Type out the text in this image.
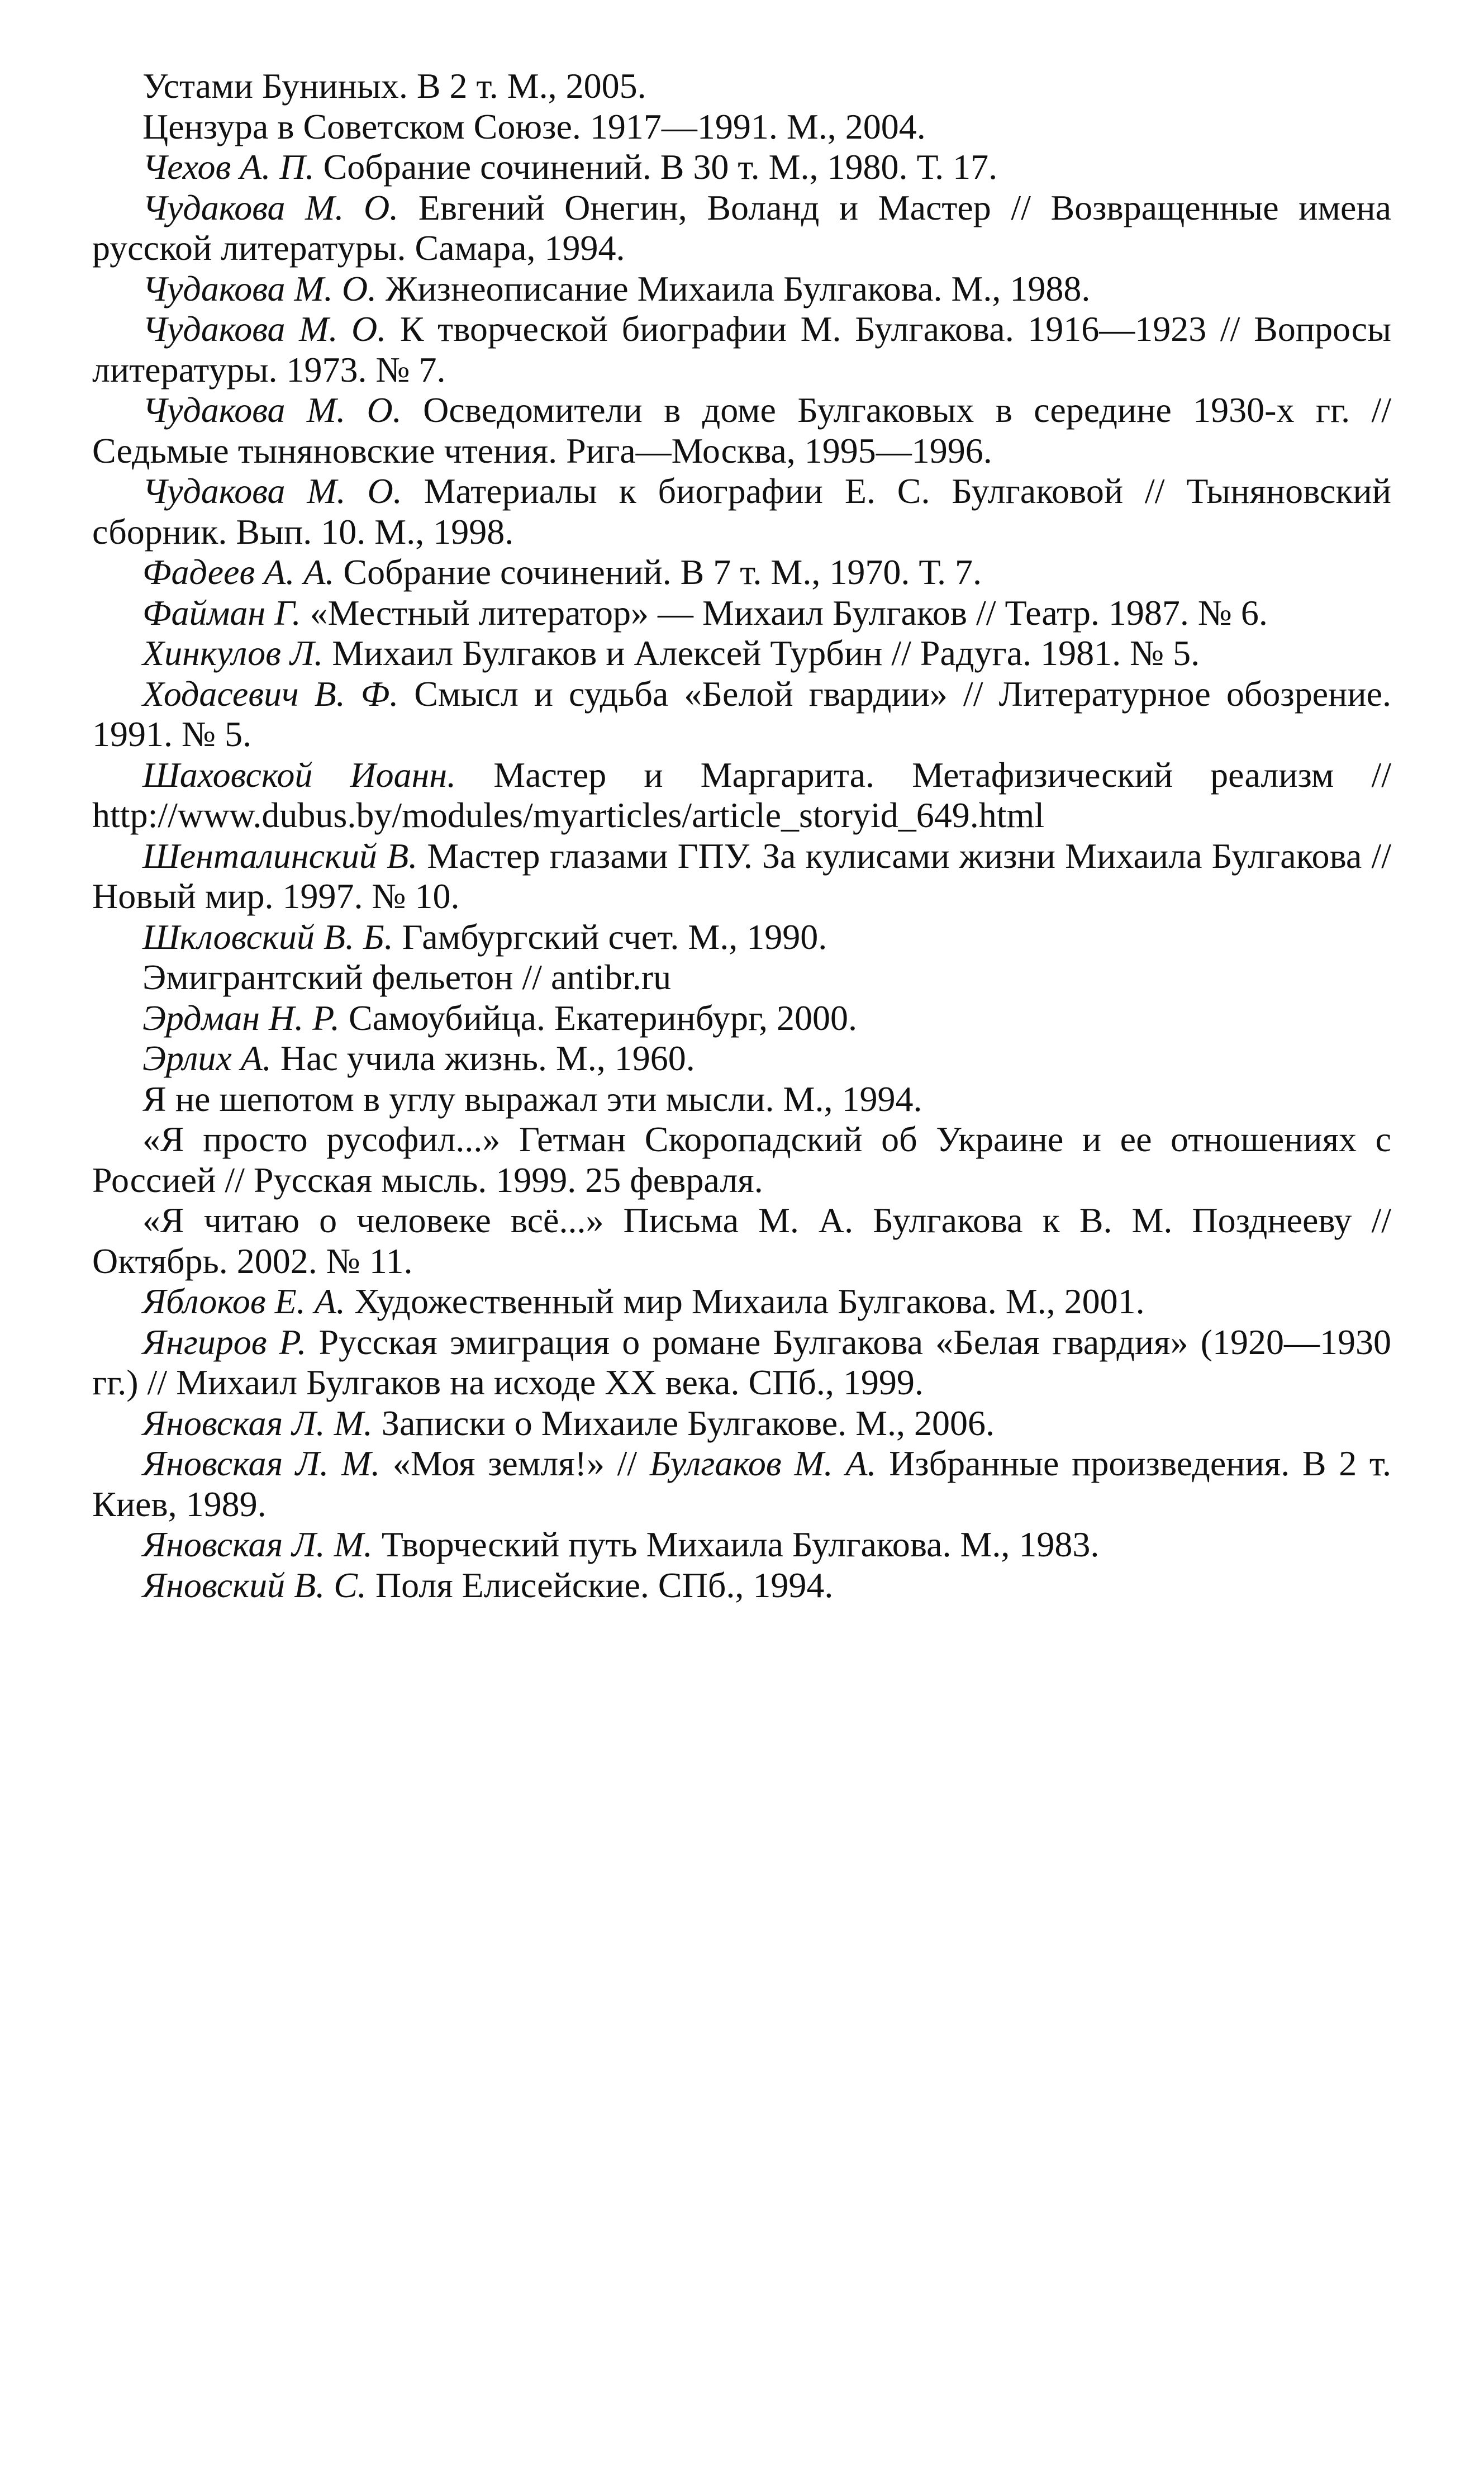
Устами Буниных. В 2 т. М., 2005.

Цензура в Советском Союзе. 1917—1991. М., 2004.

Чехов А. П. Собрание сочинений. В 30 т. М., 1980. Т. 17.

Чудакова М. О. Евгений Онегин, Воланд и Мастер // Возвращенные имена русской литературы. Самара, 1994.

Чудакова М. О. Жизнеописание Михаила Булгакова. М., 1988.

Чудакова М. О. К творческой биографии М. Булгакова. 1916—1923 // Вопросы литературы. 1973. № 7.

Чудакова М. О. Осведомители в доме Булгаковых в середине 1930-х гг. // Седьмые тыняновские чтения. Рига—Москва, 1995—1996.

Чудакова М. О. Материалы к биографии Е. С. Булгаковой // Тыняновский сборник. Вып. 10. М., 1998.

Фадеев А. А. Собрание сочинений. В 7 т. М., 1970. Т. 7.

Файман Г. «Местный литератор» — Михаил Булгаков // Театр. 1987. № 6.

Хинкулов Л. Михаил Булгаков и Алексей Турбин // Радуга. 1981. № 5.

Ходасевич В. Ф. Смысл и судьба «Белой гвардии» // Литературное обозрение. 1991. № 5.

Шаховской Иоанн. Мастер и Маргарита. Метафизический реализм // http://www.dubus.by/modules/myarticles/article_storyid_649.html

Шенталинский В. Мастер глазами ГПУ. За кулисами жизни Михаила Булгакова // Новый мир. 1997. № 10.

Шкловский В. Б. Гамбургский счет. М., 1990.

Эмигрантский фельетон // antibr.ru

Эрдман Н. Р. Самоубийца. Екатеринбург, 2000.

Эрлих А. Нас учила жизнь. М., 1960.

Я не шепотом в углу выражал эти мысли. М., 1994.

«Я просто русофил...» Гетман Скоропадский об Украине и ее отношениях с Россией // Русская мысль. 1999. 25 февраля.

«Я читаю о человеке всё...» Письма М. А. Булгакова к В. М. Позднееву // Октябрь. 2002. № 11.

Яблоков Е. А. Художественный мир Михаила Булгакова. М., 2001.

Янгиров Р. Русская эмиграция о романе Булгакова «Белая гвардия» (1920—1930 гг.) // Михаил Булгаков на исходе XX века. СПб., 1999.

Яновская Л. М. Записки о Михаиле Булгакове. М., 2006.

Яновская Л. М. «Моя земля!» // Булгаков М. А. Избранные произведения. В 2 т. Киев, 1989.

Яновская Л. М. Творческий путь Михаила Булгакова. М., 1983.

Яновский В. С. Поля Елисейские. СПб., 1994.
